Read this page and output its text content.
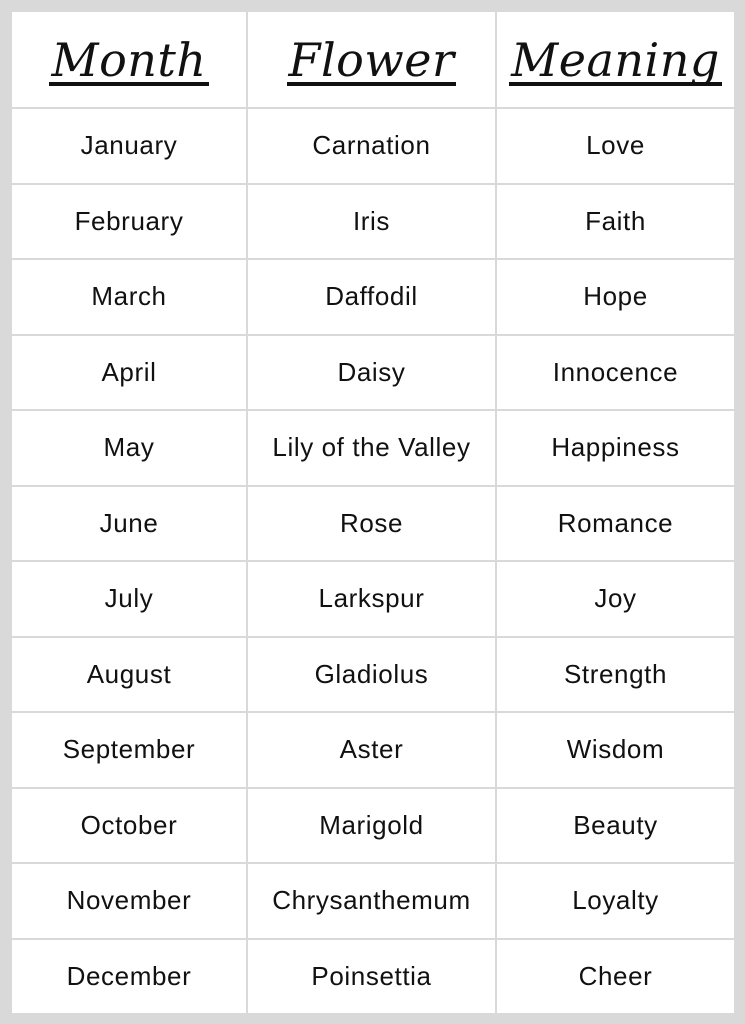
Month	Flower	Meaning
January	Carnation	Love
February	Iris	Faith
March	Daffodil	Hope
April	Daisy	Innocence
May	Lily of the Valley	Happiness
June	Rose	Romance
July	Larkspur	Joy
August	Gladiolus	Strength
September	Aster	Wisdom
October	Marigold	Beauty
November	Chrysanthemum	Loyalty
December	Poinsettia	Cheer
